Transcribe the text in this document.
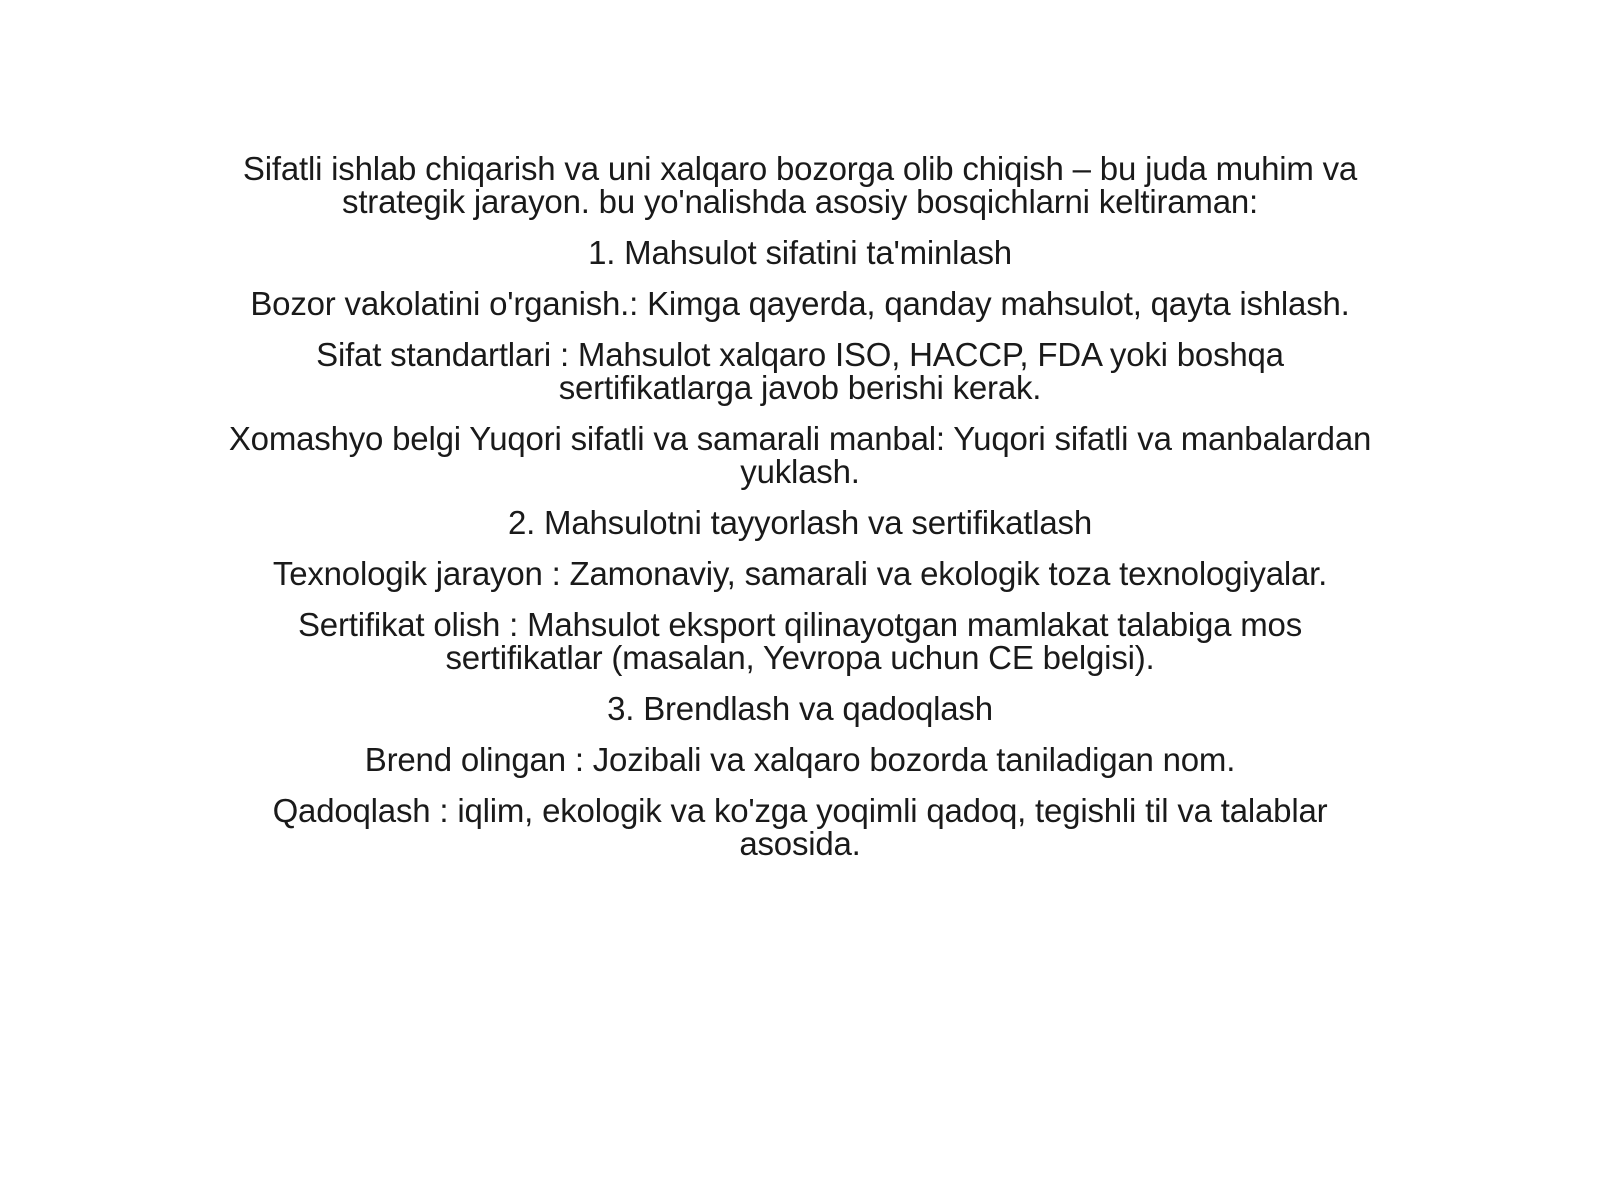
Sifatli ishlab chiqarish va uni xalqaro bozorga olib chiqish – bu juda muhim va strategik jarayon. bu yo'nalishda asosiy bosqichlarni keltiraman:

1. Mahsulot sifatini ta'minlash

Bozor vakolatini o'rganish.: Kimga qayerda, qanday mahsulot, qayta ishlash.

Sifat standartlari : Mahsulot xalqaro ISO, HACCP, FDA yoki boshqa sertifikatlarga javob berishi kerak.

Xomashyo belgi Yuqori sifatli va samarali manbal: Yuqori sifatli va manbalardan yuklash.

2. Mahsulotni tayyorlash va sertifikatlash

Texnologik jarayon : Zamonaviy, samarali va ekologik toza texnologiyalar.

Sertifikat olish : Mahsulot eksport qilinayotgan mamlakat talabiga mos sertifikatlar (masalan, Yevropa uchun CE belgisi).

3. Brendlash va qadoqlash

Brend olingan : Jozibali va xalqaro bozorda taniladigan nom.

Qadoqlash : iqlim, ekologik va ko'zga yoqimli qadoq, tegishli til va talablar asosida.
